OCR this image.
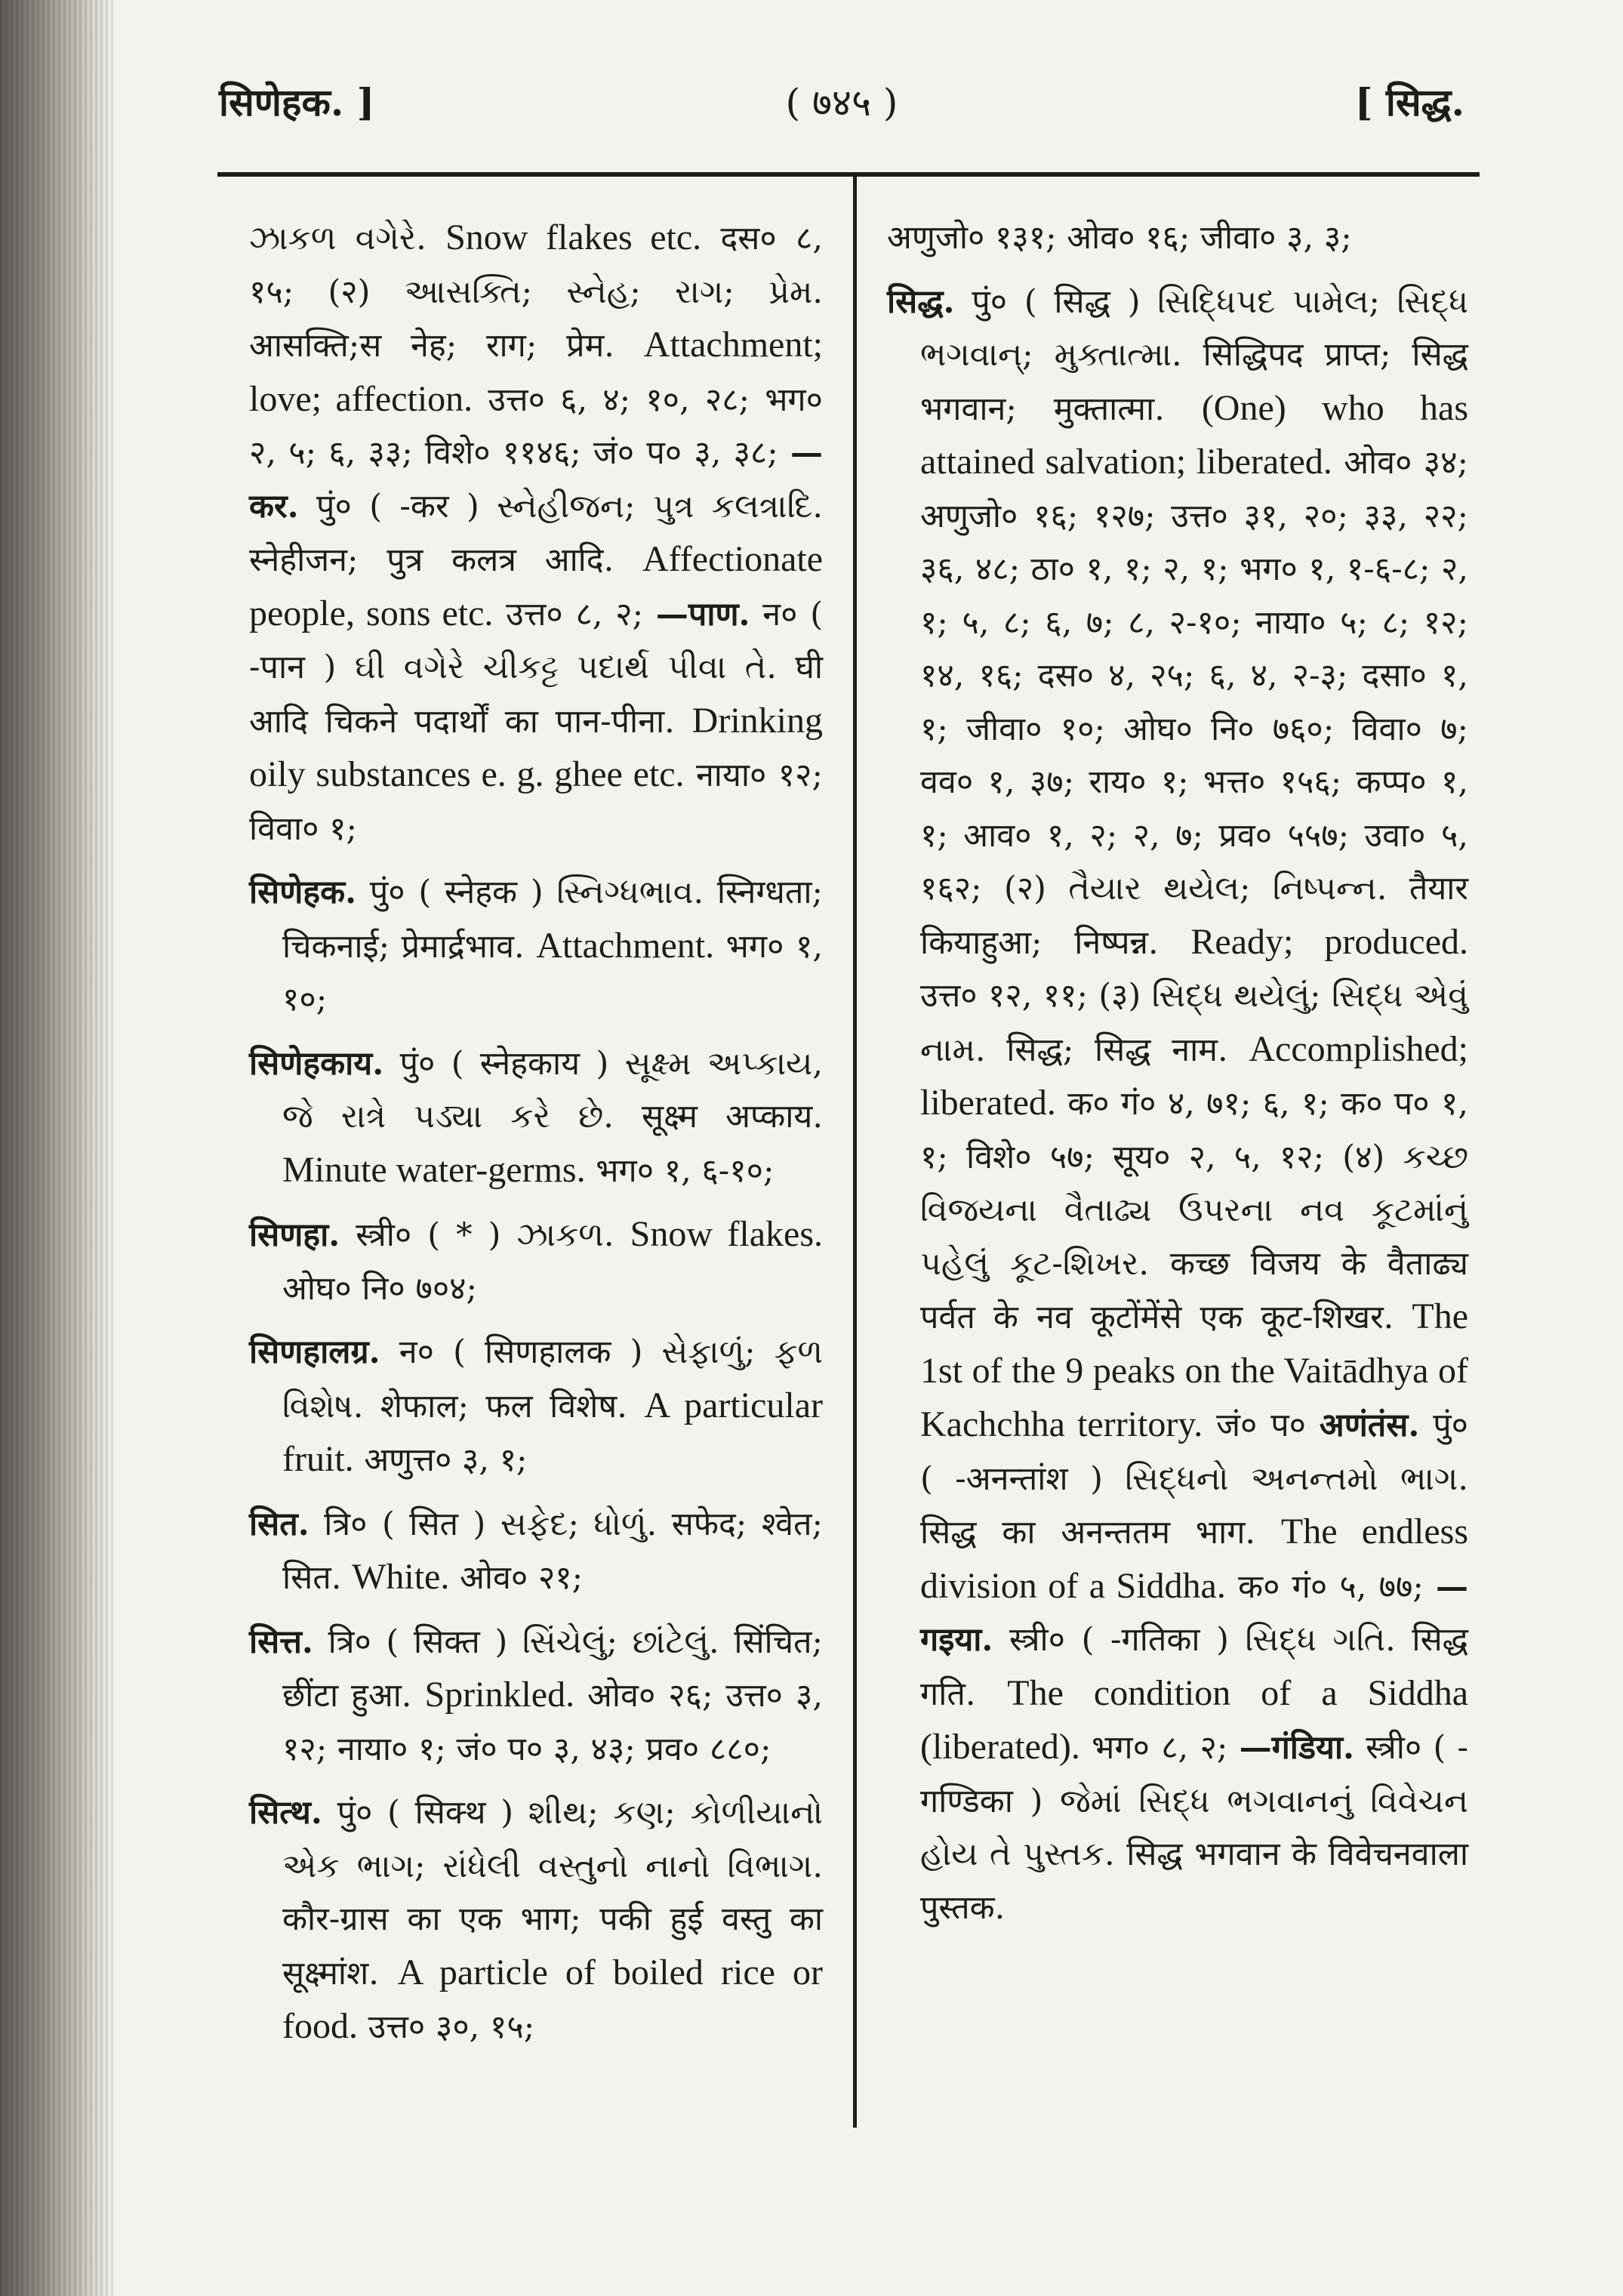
सिणेहक. ]	( ७४५ )	[ सिद्ध.

ઝાકળ વગેરે. Snow flakes etc. दस० ८, १५; (२) આસક્તિ; સ્નેહ; રાગ; પ્રેમ. आसक्ति;स नेह; राग; प्रेम. Attachment; love; affection. उत्त० ६, ४; १०, २८; भग० २, ५; ६, ३३; विशे० ११४६; जं० प० ३, ३८; —कर. पुं० ( -कर ) સ્નેહીજન; પુત્ર કલત્રાદિ. स्नेहीजन; पुत्र कलत्र आदि. Affectionate people, sons etc. उत्त० ८, २; —पाण. न० ( -पान ) ઘી વગેરે ચીકટ્ટ પદાર્થ પીવા તે. घी आदि चिकने पदार्थों का पान-पीना. Drinking oily substances e. g. ghee etc. नाया० १२; विवा० १;

सिणेहक. पुं० ( स्नेहक ) સ્નિગ્ધભાવ. स्निग्धता; चिकनाई; प्रेमार्द्रभाव. Attachment. भग० १, १०;

सिणेहकाय. पुं० ( स्नेहकाय ) સૂક્ષ્મ અપ્કાય, જે રાત્રે પડ્યા કરે છે. सूक्ष्म अप्काय. Minute water-germs. भग० १, ६-१०;

सिणहा. स्त्री० ( * ) ઝાકળ. Snow flakes. ओघ० नि० ७०४;

सिणहालग्र. न० ( सिणहालक ) સેફાળું; ફળ વિશેષ. शेफाल; फल विशेष. A particular fruit. अणुत्त० ३, १;

सित. त्रि० ( सित ) સફેદ; ધોળું. सफेद; श्वेत; सित. White. ओव० २१;

सित्त. त्रि० ( सिक्त ) સિંચેલું; છાંટેલું. सिंचित; छींटा हुआ. Sprinkled. ओव० २६; उत्त० ३, १२; नाया० १; जं० प० ३, ४३; प्रव० ८८०;

सित्थ. पुं० ( सिक्थ ) શીથ; કણ; કોળીયાનો એક ભાગ; રાંધેલી વસ્તુનો નાનો વિભાગ. कौर-ग्रास का एक भाग; पकी हुई वस्तु का सूक्ष्मांश. A particle of boiled rice or food. उत्त० ३०, १५;

अणुजो० १३१; ओव० १६; जीवा० ३, ३;

सिद्ध. पुं० ( सिद्ध ) સિદ્ધિપદ પામેલ; સિદ્ધ ભગવાન્; મુક્તાત્મા. सिद्धिपद प्राप्त; सिद्ध भगवान; मुक्तात्मा. (One) who has attained salvation; liberated. ओव० ३४; अणुजो० १६; १२७; उत्त० ३१, २०; ३३, २२; ३६, ४८; ठा० १, १; २, १; भग० १, १-६-८; २, १; ५, ८; ६, ७; ८, २-१०; नाया० ५; ८; १२; १४, १६; दस० ४, २५; ६, ४, २-३; दसा० १, १; जीवा० १०; ओघ० नि० ७६०; विवा० ७; वव० १, ३७; राय० १; भत्त० १५६; कप्प० १, १; आव० १, २; २, ७; प्रव० ५५७; उवा० ५, १६२; (२) તૈયાર થયેલ; નિષ્પન્ન. तैयार कियाहुआ; निष्पन्न. Ready; produced. उत्त० १२, ११; (३) સિદ્ધ થયેલું; સિદ્ધ એવું નામ. सिद्ध; सिद्ध नाम. Accomplished; liberated. क० गं० ४, ७१; ६, १; क० प० १, १; विशे० ५७; सूय० २, ५, १२; (४) કચ્છ વિજયના વૈતાઢ્ય ઉપરના નવ કૂટમાંનું પહેલું કૂટ-શિખર. कच्छ विजय के वैताढ्य पर्वत के नव कूटोंमेंसे एक कूट-शिखर. The 1st of the 9 peaks on the Vaitādhya of Kachchha territory. जं० प० अणंतंस. पुं० ( -अनन्तांश ) સિદ્ધનો અનન્તમો ભાગ. सिद्ध का अनन्ततम भाग. The endless division of a Siddha. क० गं० ५, ७७; —गइया. स्त्री० ( -गतिका ) સિદ્ધ ગતિ. सिद्ध गति. The condition of a Siddha (liberated). भग० ८, २; —गंडिया. स्त्री० ( -गण्डिका ) જેમાં સિદ્ધ ભગવાનનું વિવેચન હોય તે પુસ્તક. सिद्ध भगवान के विवेचनवाला पुस्तक.
